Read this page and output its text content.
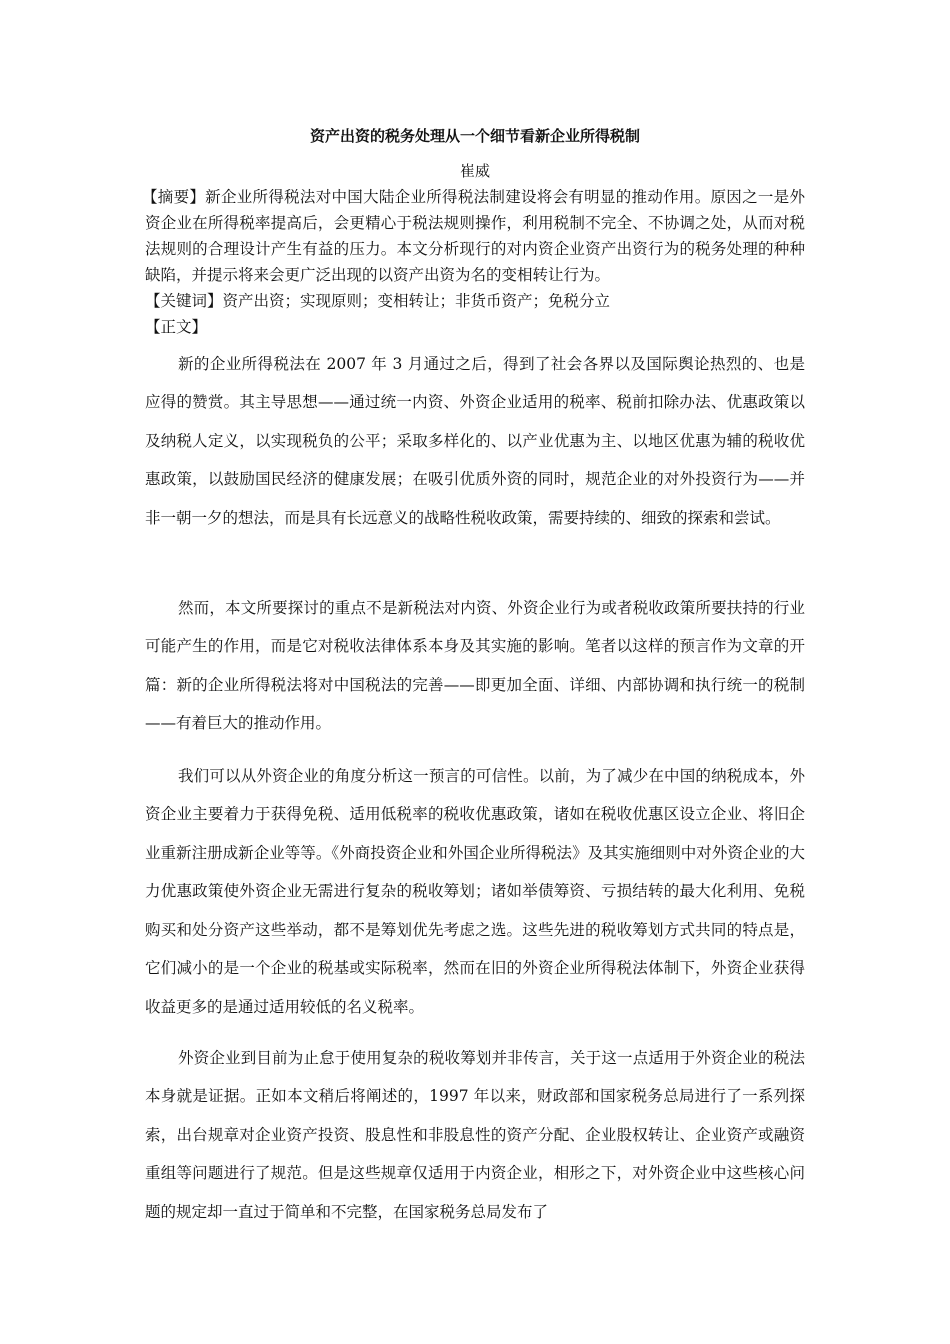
资产出资的税务处理从一个细节看新企业所得税制
崔威
【摘要】新企业所得税法对中国大陆企业所得税法制建设将会有明显的推动作用。原因之一是外资企业在所得税率提高后，会更精心于税法规则操作，利用税制不完全、不协调之处，从而对税法规则的合理设计产生有益的压力。本文分析现行的对内资企业资产出资行为的税务处理的种种缺陷，并提示将来会更广泛出现的以资产出资为名的变相转让行为。
【关键词】资产出资；实现原则；变相转让；非货币资产；免税分立
【正文】

新的企业所得税法在 2007 年 3 月通过之后，得到了社会各界以及国际舆论热烈的、也是应得的赞赏。其主导思想——通过统一内资、外资企业适用的税率、税前扣除办法、优惠政策以及纳税人定义，以实现税负的公平；采取多样化的、以产业优惠为主、以地区优惠为辅的税收优惠政策，以鼓励国民经济的健康发展；在吸引优质外资的同时，规范企业的对外投资行为——并非一朝一夕的想法，而是具有长远意义的战略性税收政策，需要持续的、细致的探索和尝试。

然而，本文所要探讨的重点不是新税法对内资、外资企业行为或者税收政策所要扶持的行业可能产生的作用，而是它对税收法律体系本身及其实施的影响。笔者以这样的预言作为文章的开篇：新的企业所得税法将对中国税法的完善——即更加全面、详细、内部协调和执行统一的税制——有着巨大的推动作用。

我们可以从外资企业的角度分析这一预言的可信性。以前，为了减少在中国的纳税成本，外资企业主要着力于获得免税、适用低税率的税收优惠政策，诸如在税收优惠区设立企业、将旧企业重新注册成新企业等等。《外商投资企业和外国企业所得税法》及其实施细则中对外资企业的大力优惠政策使外资企业无需进行复杂的税收筹划；诸如举债筹资、亏损结转的最大化利用、免税购买和处分资产这些举动，都不是筹划优先考虑之选。这些先进的税收筹划方式共同的特点是，它们减小的是一个企业的税基或实际税率，然而在旧的外资企业所得税法体制下，外资企业获得收益更多的是通过适用较低的名义税率。

外资企业到目前为止怠于使用复杂的税收筹划并非传言，关于这一点适用于外资企业的税法本身就是证据。正如本文稍后将阐述的，1997 年以来，财政部和国家税务总局进行了一系列探索，出台规章对企业资产投资、股息性和非股息性的资产分配、企业股权转让、企业资产或融资重组等问题进行了规范。但是这些规章仅适用于内资企业，相形之下，对外资企业中这些核心问题的规定却一直过于简单和不完整，在国家税务总局发布了
